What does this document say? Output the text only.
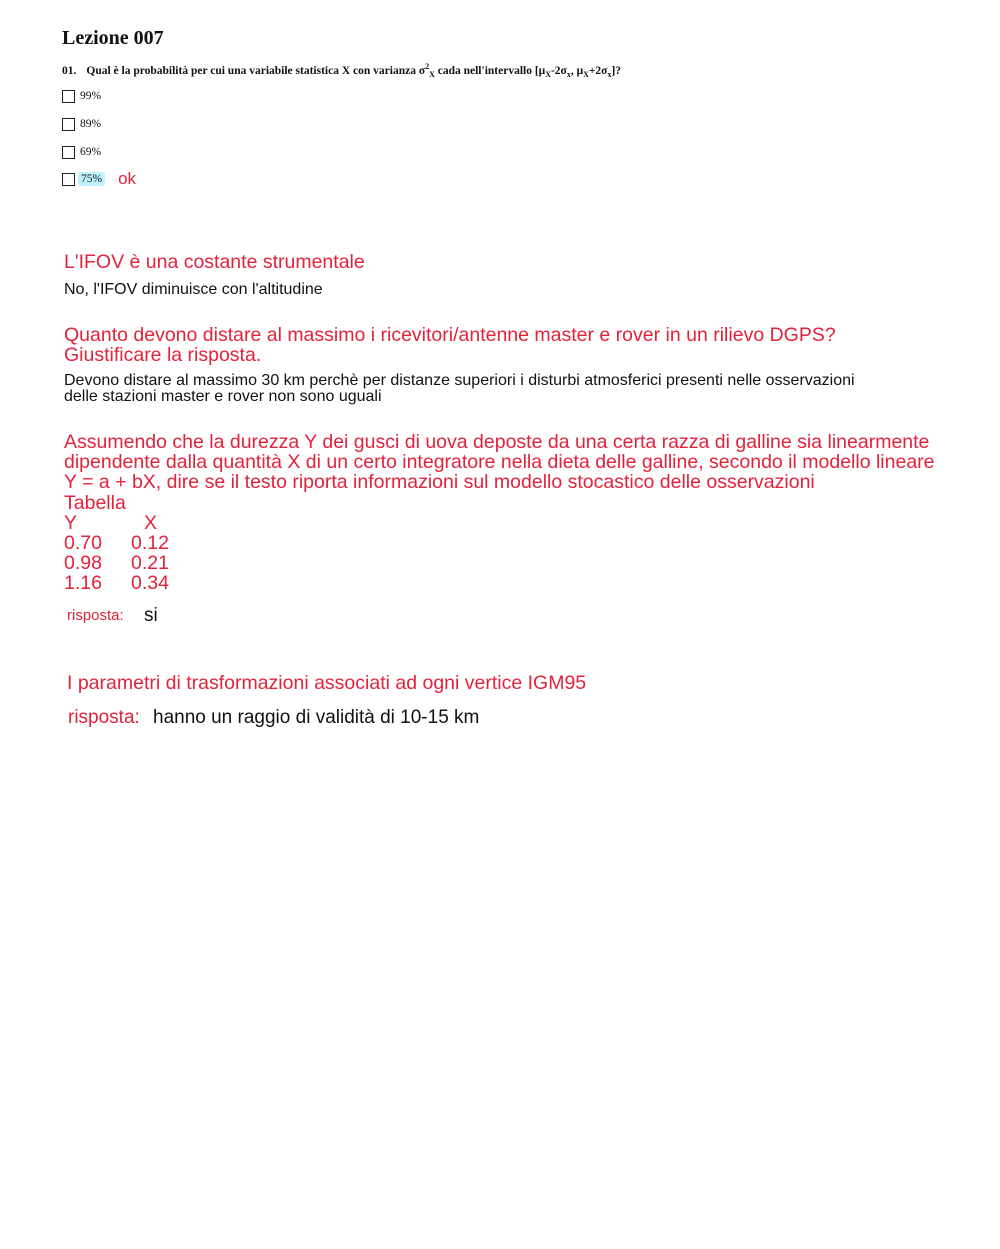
Lezione 007
01. Qual è la probabilità per cui una variabile statistica X con varianza $\sigma^2_X$ cada nell'intervallo [$\mu_X-2\sigma_x$, $\mu_X+2\sigma_x$]?
99%
89%
69%
75% ok
L'IFOV è una costante strumentale
No, l'IFOV diminuisce con l'altitudine
Quanto devono distare al massimo i ricevitori/antenne master e rover in un rilievo DGPS?
Giustificare la risposta.
Devono distare al massimo 30 km perchè per distanze superiori i disturbi atmosferici presenti nelle osservazioni
delle stazioni master e rover non sono uguali
Assumendo che la durezza Y dei gusci di uova deposte da una certa razza di galline sia linearmente
dipendente dalla quantità X di un certo integratore nella dieta delle galline, secondo il modello lineare
Y = a + bX, dire se il testo riporta informazioni sul modello stocastico delle osservazioni
Tabella
Y	X
0.70 0.12
0.98 0.21
1.16 0.34
risposta: si
I parametri di trasformazioni associati ad ogni vertice IGM95
risposta: hanno un raggio di validità di 10-15 km
